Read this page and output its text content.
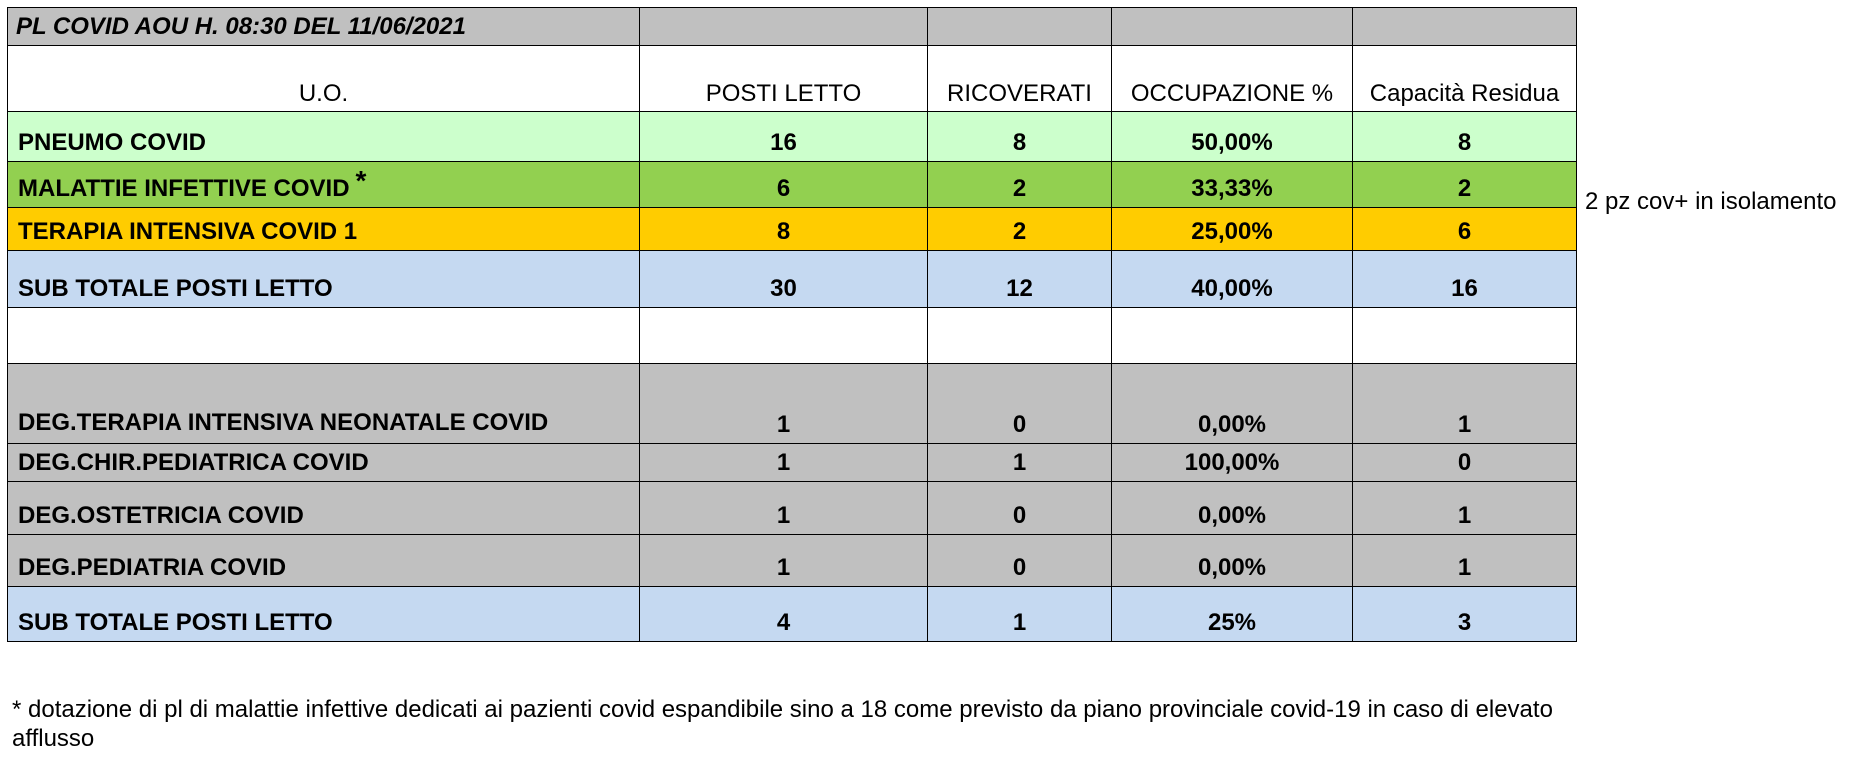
PL COVID AOU H. 08:30 DEL 11/06/2021				
U.O.	POSTI LETTO	RICOVERATI	OCCUPAZIONE %	Capacità Residua
PNEUMO COVID	16	8	50,00%	8
MALATTIE INFETTIVE COVID *	6	2	33,33%	2
TERAPIA INTENSIVA COVID 1	8	2	25,00%	6
SUB TOTALE POSTI LETTO	30	12	40,00%	16

DEG.TERAPIA INTENSIVA NEONATALE COVID	1	0	0,00%	1
DEG.CHIR.PEDIATRICA COVID	1	1	100,00%	0
DEG.OSTETRICIA COVID	1	0	0,00%	1
DEG.PEDIATRIA COVID	1	0	0,00%	1
SUB TOTALE POSTI LETTO	4	1	25%	3
2 pz cov+ in isolamento
* dotazione di pl di malattie infettive dedicati ai pazienti covid espandibile sino a 18 come previsto da piano provinciale covid-19 in caso di elevato afflusso
